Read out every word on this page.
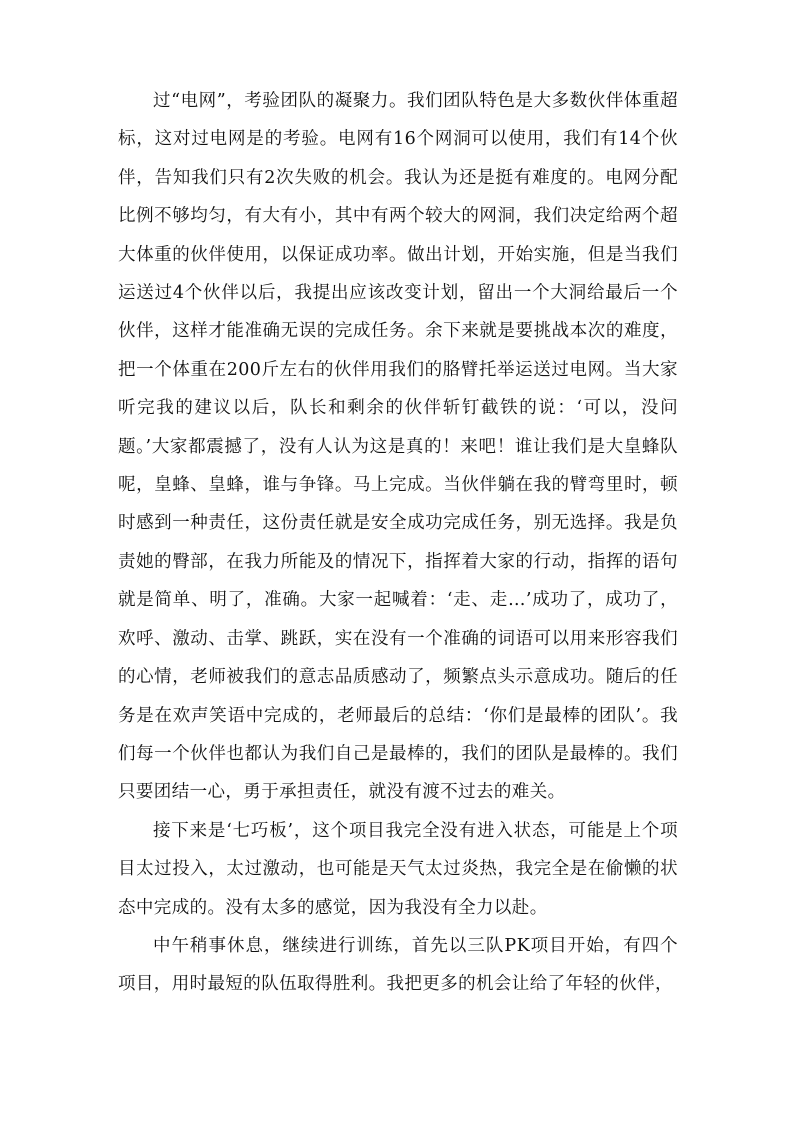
过“电网”，考验团队的凝聚力。我们团队特色是大多数伙伴体重超标，这对过电网是的考验。电网有16个网洞可以使用，我们有14个伙伴，告知我们只有2次失败的机会。我认为还是挺有难度的。电网分配比例不够均匀，有大有小，其中有两个较大的网洞，我们决定给两个超大体重的伙伴使用，以保证成功率。做出计划，开始实施，但是当我们运送过4个伙伴以后，我提出应该改变计划，留出一个大洞给最后一个伙伴，这样才能准确无误的完成任务。余下来就是要挑战本次的难度，把一个体重在200斤左右的伙伴用我们的胳臂托举运送过电网。当大家听完我的建议以后，队长和剩余的伙伴斩钉截铁的说：‘可以，没问题。’大家都震撼了，没有人认为这是真的！来吧！谁让我们是大皇蜂队呢，皇蜂、皇蜂，谁与争锋。马上完成。当伙伴躺在我的臂弯里时，顿时感到一种责任，这份责任就是安全成功完成任务，别无选择。我是负责她的臀部，在我力所能及的情况下，指挥着大家的行动，指挥的语句就是简单、明了，准确。大家一起喊着：‘走、走…’成功了，成功了，欢呼、激动、击掌、跳跃，实在没有一个准确的词语可以用来形容我们的心情，老师被我们的意志品质感动了，频繁点头示意成功。随后的任务是在欢声笑语中完成的，老师最后的总结：‘你们是最棒的团队’。我们每一个伙伴也都认为我们自己是最棒的，我们的团队是最棒的。我们只要团结一心，勇于承担责任，就没有渡不过去的难关。

接下来是‘七巧板’，这个项目我完全没有进入状态，可能是上个项目太过投入，太过激动，也可能是天气太过炎热，我完全是在偷懒的状态中完成的。没有太多的感觉，因为我没有全力以赴。

中午稍事休息，继续进行训练，首先以三队PK项目开始，有四个项目，用时最短的队伍取得胜利。我把更多的机会让给了年轻的伙伴，
